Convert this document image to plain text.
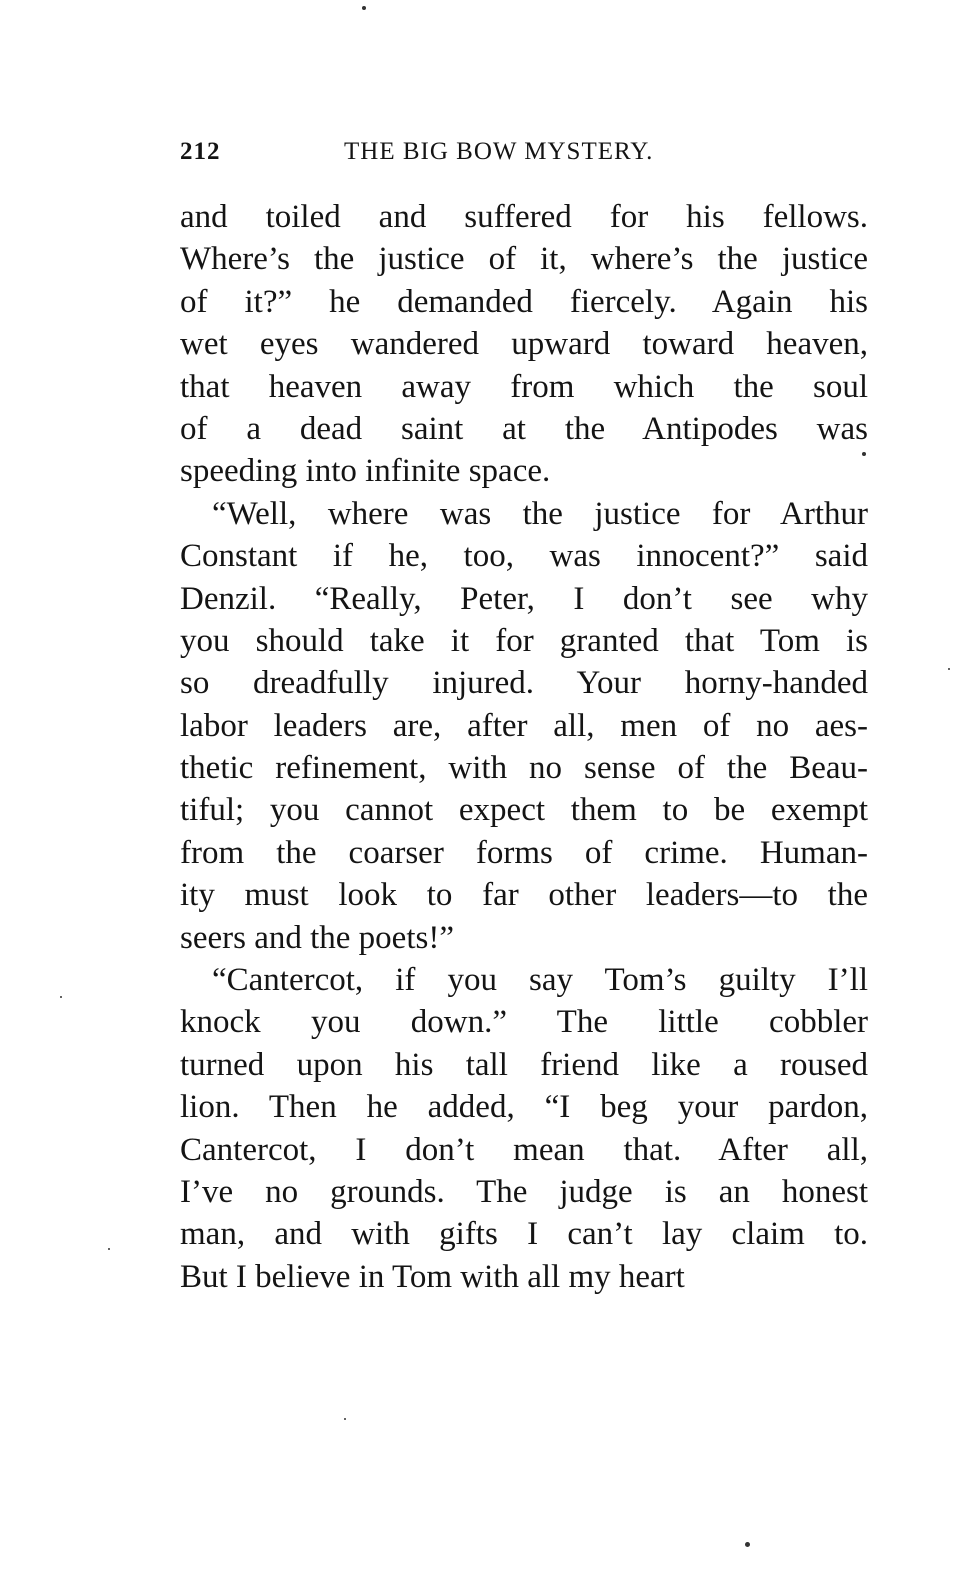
212	THE BIG BOW MYSTERY.
and toiled and suffered for his fellows.
Where’s the justice of it, where’s the justice
of it?” he demanded fiercely. Again his
wet eyes wandered upward toward heaven,
that heaven away from which the soul
of a dead saint at the Antipodes was
speeding into infinite space.
“Well, where was the justice for Arthur
Constant if he, too, was innocent?” said
Denzil. “Really, Peter, I don’t see why
you should take it for granted that Tom is
so dreadfully injured. Your horny-handed
labor leaders are, after all, men of no aes-
thetic refinement, with no sense of the Beau-
tiful; you cannot expect them to be exempt
from the coarser forms of crime. Human-
ity must look to far other leaders—to the
seers and the poets!”
“Cantercot, if you say Tom’s guilty I’ll
knock you down.” The little cobbler
turned upon his tall friend like a roused
lion. Then he added, “I beg your pardon,
Cantercot, I don’t mean that. After all,
I’ve no grounds. The judge is an honest
man, and with gifts I can’t lay claim to.
But I believe in Tom with all my heart
